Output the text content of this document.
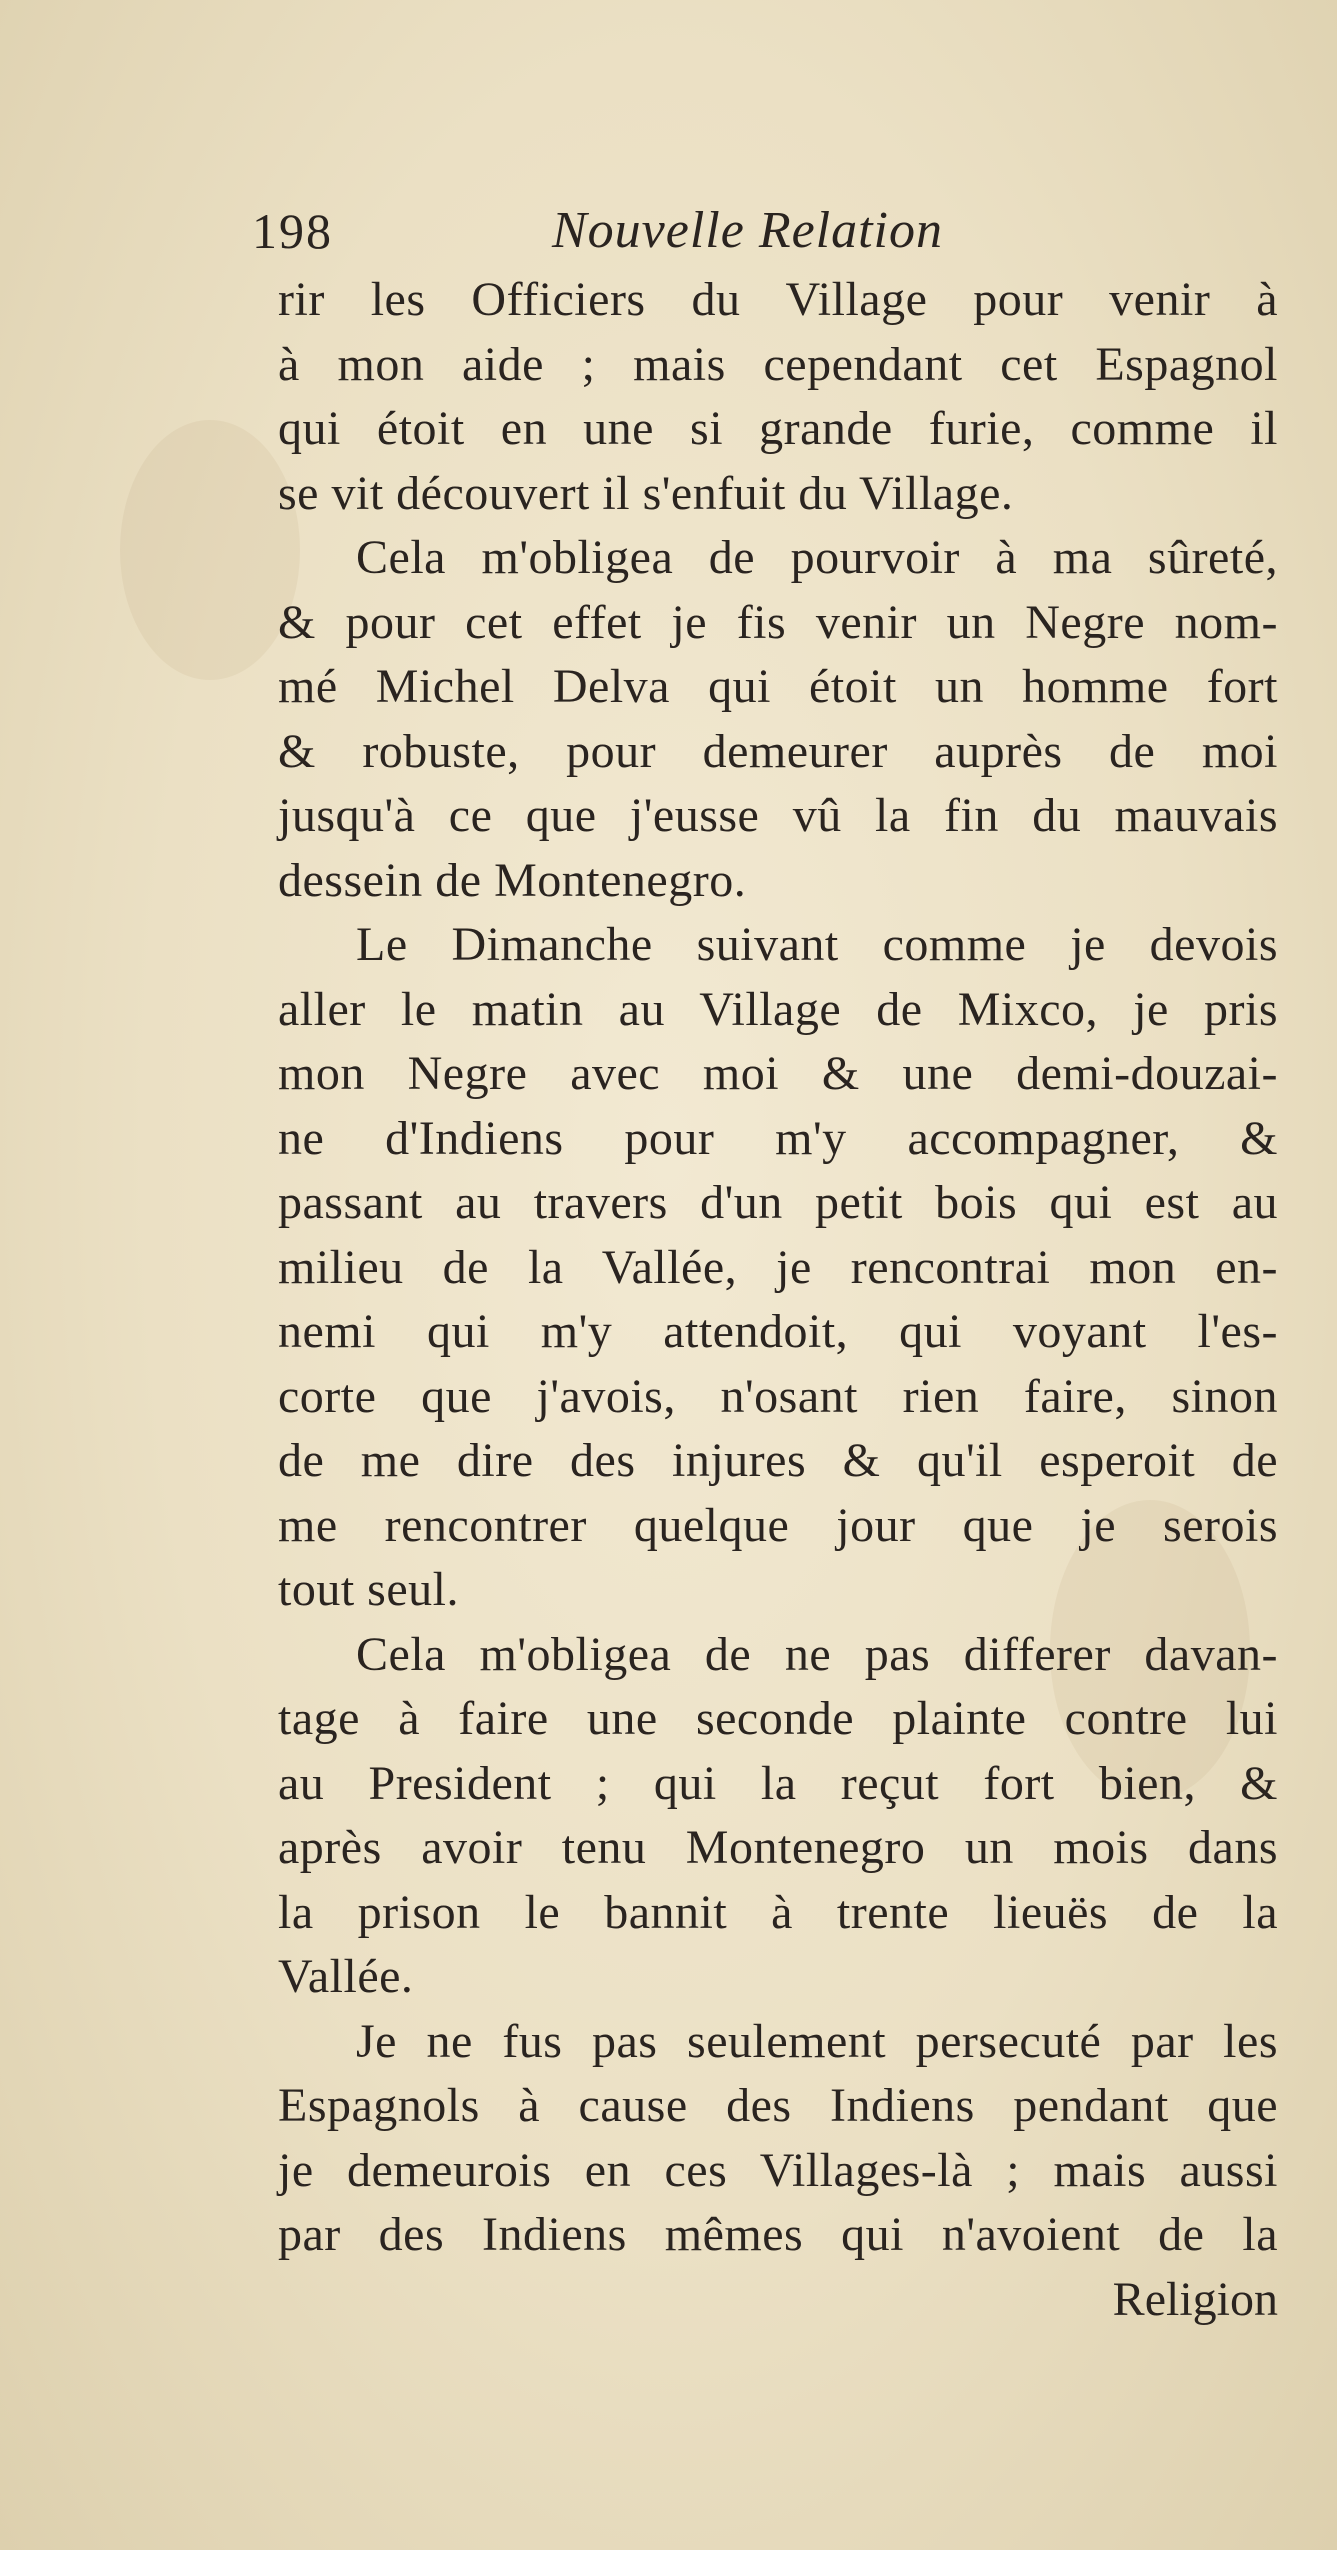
198	Nouvelle Relation
rir les Officiers du Village pour venir à
à mon aide ; mais cependant cet Espagnol
qui étoit en une si grande furie, comme il
se vit découvert il s'enfuit du Village.
Cela m'obligea de pourvoir à ma sûreté,
& pour cet effet je fis venir un Negre nom-
mé Michel Delva qui étoit un homme fort
& robuste, pour demeurer auprès de moi
jusqu'à ce que j'eusse vû la fin du mauvais
dessein de Montenegro.
Le Dimanche suivant comme je devois
aller le matin au Village de Mixco, je pris
mon Negre avec moi & une demi-douzai-
ne d'Indiens pour m'y accompagner, &
passant au travers d'un petit bois qui est au
milieu de la Vallée, je rencontrai mon en-
nemi qui m'y attendoit, qui voyant l'es-
corte que j'avois, n'osant rien faire, sinon
de me dire des injures & qu'il esperoit de
me rencontrer quelque jour que je serois
tout seul.
Cela m'obligea de ne pas differer davan-
tage à faire une seconde plainte contre lui
au President ; qui la reçut fort bien, &
après avoir tenu Montenegro un mois dans
la prison le bannit à trente lieuës de la
Vallée.
Je ne fus pas seulement persecuté par les
Espagnols à cause des Indiens pendant que
je demeurois en ces Villages-là ; mais aussi
par des Indiens mêmes qui n'avoient de la
Religion
